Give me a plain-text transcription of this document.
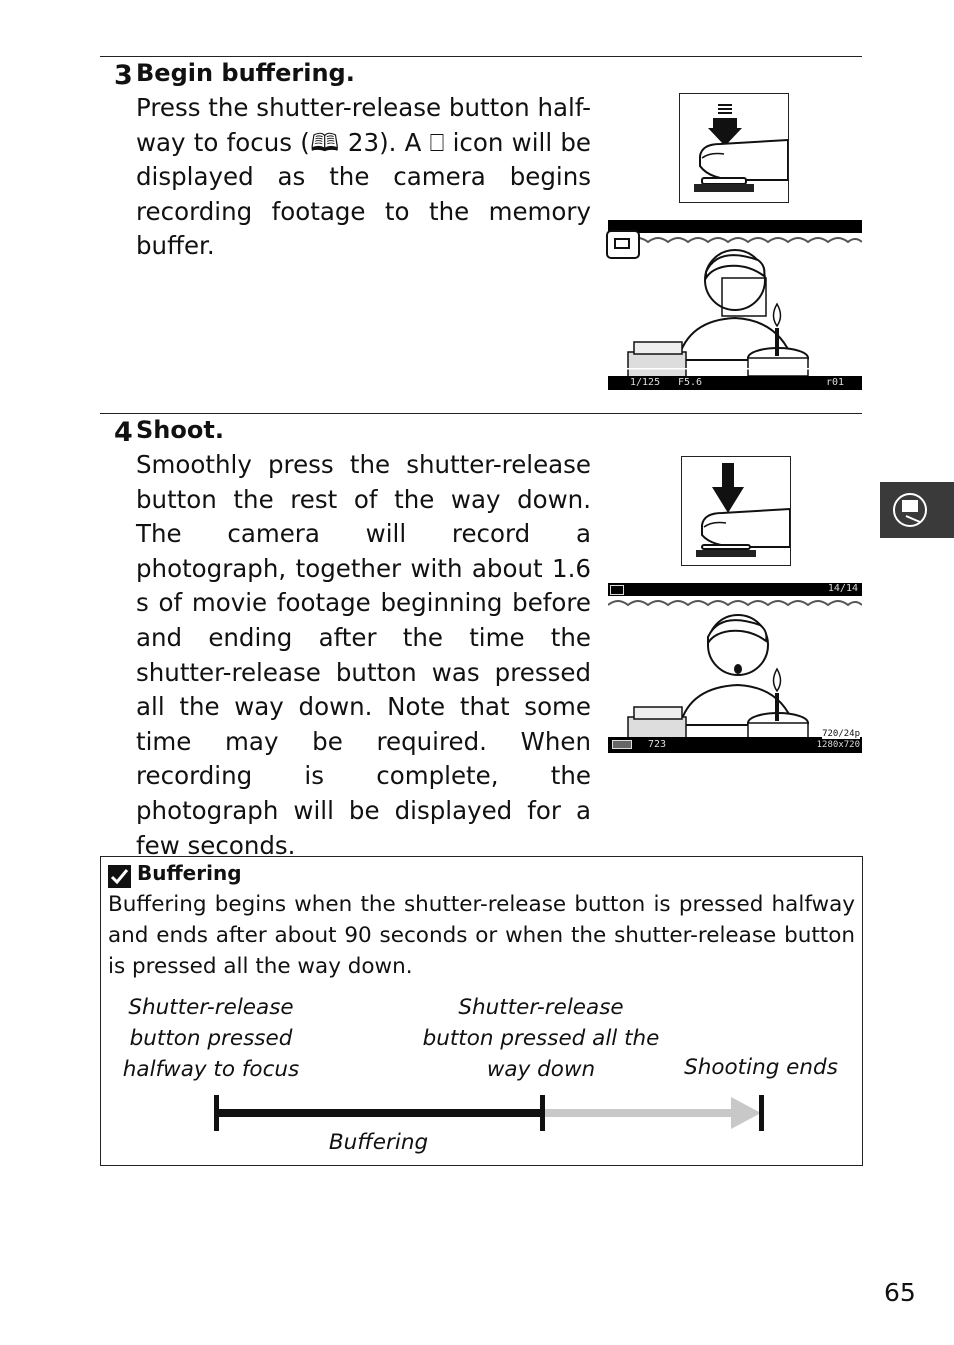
3 Begin buffering.
Press the shutter-release button half-way to focus (🕮 23). A ⎕ icon will be displayed as the camera begins recording footage to the memory buffer.
1/125 F5.6	r01
4 Shoot.
Smoothly press the shutter-release button the rest of the way down. The camera will record a photograph, together with about 1.6 s of movie footage beginning before and ending after the time the shutter-release button was pressed all the way down. Note that some time may be required. When recording is complete, the photograph will be displayed for a few seconds.
14/14
723	1280x720
720/24p
Buffering
Buffering begins when the shutter-release button is pressed halfway and ends after about 90 seconds or when the shutter-release button is pressed all the way down.
Shutter-release button pressed halfway to focus
Shutter-release button pressed all the way down	Shooting ends
Buffering
65
